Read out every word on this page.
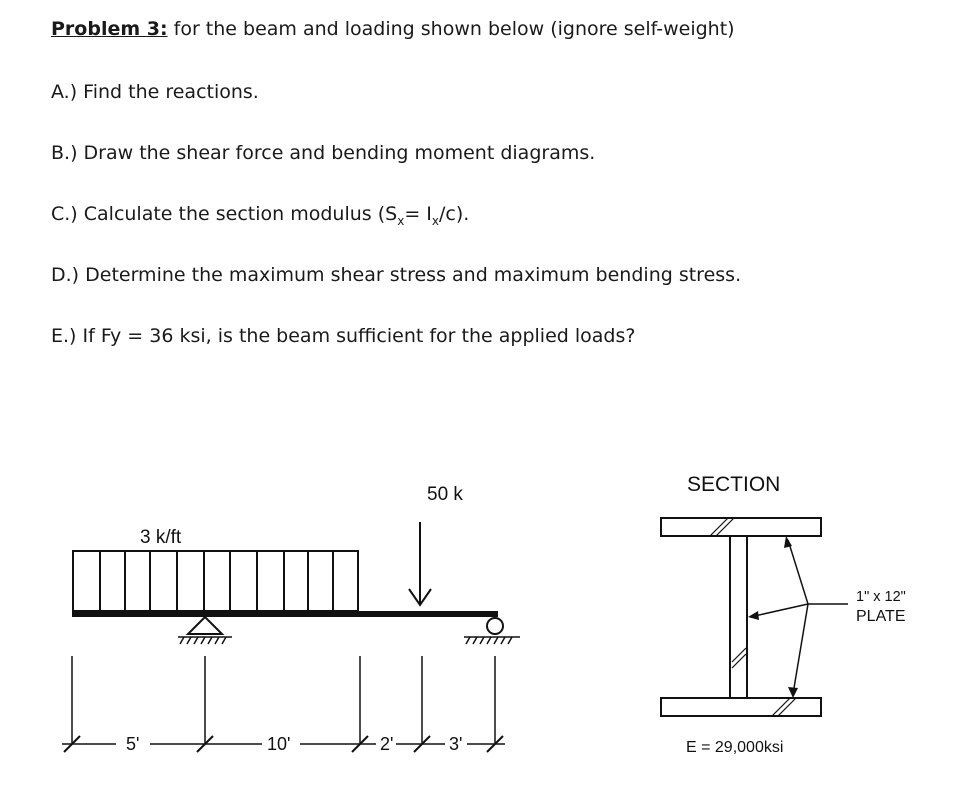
Problem 3: for the beam and loading shown below (ignore self-weight)
A.) Find the reactions.
B.) Draw the shear force and bending moment diagrams.
C.) Calculate the section modulus $(S_x= I_x/c)$.
D.) Determine the maximum shear stress and maximum bending stress.
E.) If Fy = 36 ksi, is the beam sufficient for the applied loads?
3 k/ft
50 k
5'	10'	2'	3'
SECTION
1" x 12"
PLATE
E = 29,000ksi
